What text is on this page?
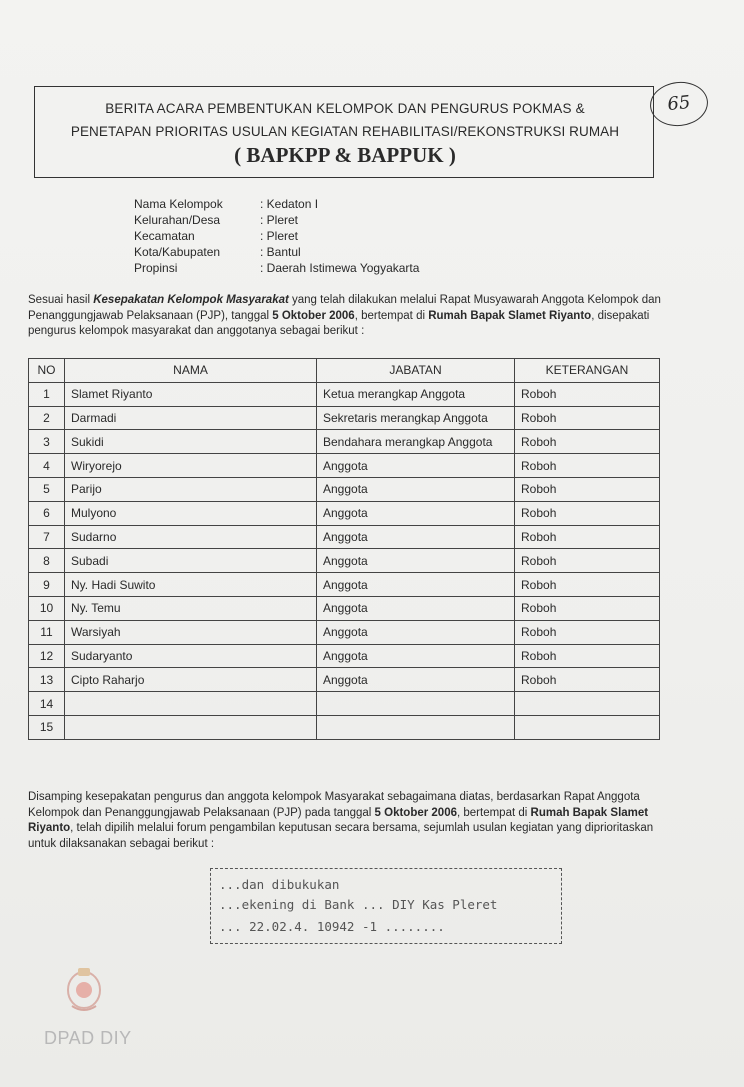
BERITA ACARA PEMBENTUKAN KELOMPOK DAN PENGURUS POKMAS &
PENETAPAN PRIORITAS USULAN KEGIATAN REHABILITASI/REKONSTRUKSI RUMAH
( BAPKPP & BAPPUK )
65
Nama Kelompok	: Kedaton I
Kelurahan/Desa	: Pleret
Kecamatan	: Pleret
Kota/Kabupaten	: Bantul
Propinsi	: Daerah Istimewa Yogyakarta
Sesuai hasil Kesepakatan Kelompok Masyarakat yang telah dilakukan melalui Rapat Musyawarah Anggota Kelompok dan Penanggungjawab Pelaksanaan (PJP), tanggal 5 Oktober 2006, bertempat di Rumah Bapak Slamet Riyanto, disepakati pengurus kelompok masyarakat dan anggotanya sebagai berikut :
NO	NAMA	JABATAN	KETERANGAN
1	Slamet Riyanto	Ketua merangkap Anggota	Roboh
2	Darmadi	Sekretaris merangkap Anggota	Roboh
3	Sukidi	Bendahara merangkap Anggota	Roboh
4	Wiryorejo	Anggota	Roboh
5	Parijo	Anggota	Roboh
6	Mulyono	Anggota	Roboh
7	Sudarno	Anggota	Roboh
8	Subadi	Anggota	Roboh
9	Ny. Hadi Suwito	Anggota	Roboh
10	Ny. Temu	Anggota	Roboh
11	Warsiyah	Anggota	Roboh
12	Sudaryanto	Anggota	Roboh
13	Cipto Raharjo	Anggota	Roboh
14			
15			
Disamping kesepakatan pengurus dan anggota kelompok Masyarakat sebagaimana diatas, berdasarkan Rapat Anggota Kelompok dan Penanggungjawab Pelaksanaan (PJP) pada tanggal 5 Oktober 2006, bertempat di Rumah Bapak Slamet Riyanto, telah dipilih melalui forum pengambilan keputusan secara bersama, sejumlah usulan kegiatan yang diprioritaskan untuk dilaksanakan sebagai berikut :
...dan dibukukan
...ekening di Bank ... DIY Kas Pleret
... 22.02.4. 10942 -1 ........
DPAD DIY
